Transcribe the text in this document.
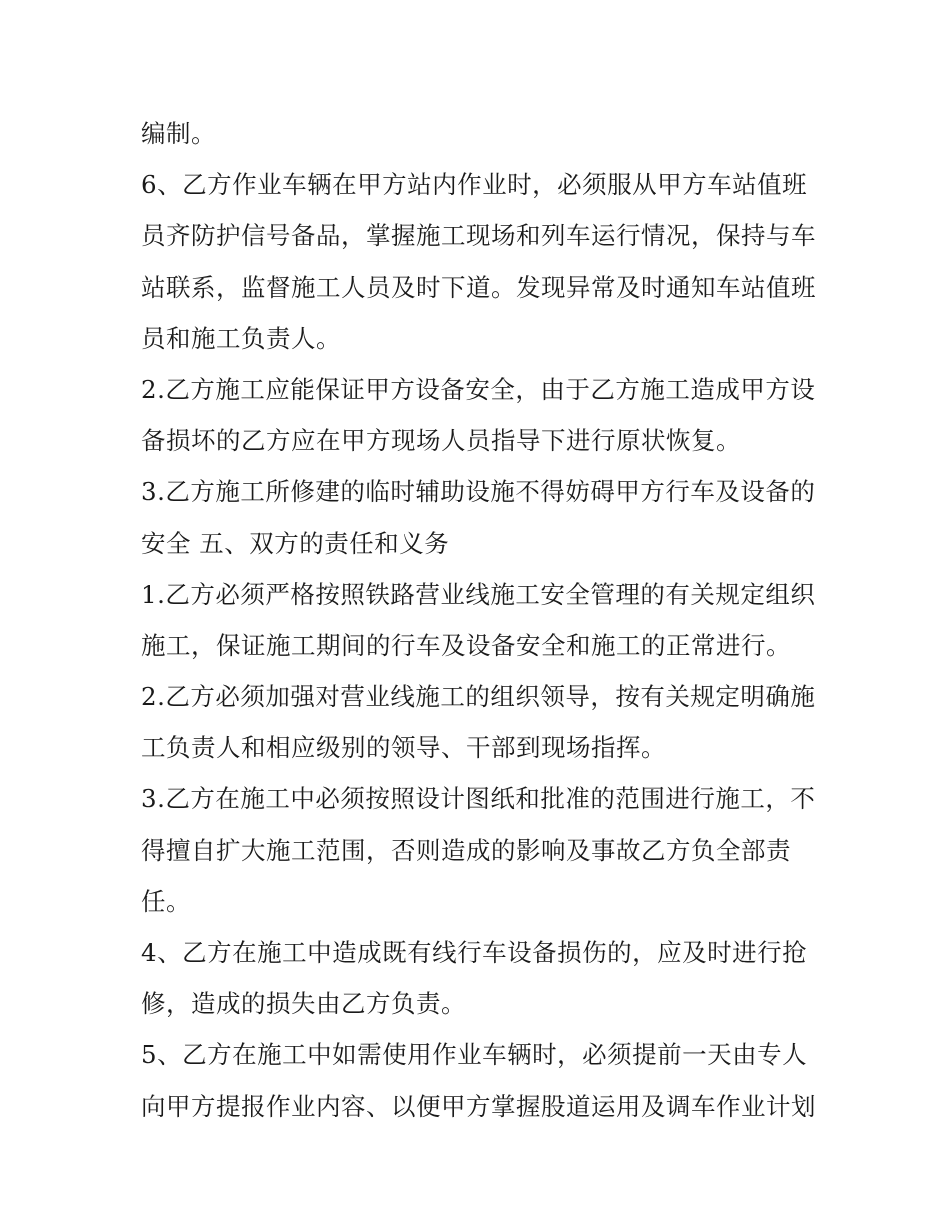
编制。
6、乙方作业车辆在甲方站内作业时，必须服从甲方车站值班
员齐防护信号备品，掌握施工现场和列车运行情况，保持与车
站联系，监督施工人员及时下道。发现异常及时通知车站值班
员和施工负责人。
2.乙方施工应能保证甲方设备安全，由于乙方施工造成甲方设
备损坏的乙方应在甲方现场人员指导下进行原状恢复。
3.乙方施工所修建的临时辅助设施不得妨碍甲方行车及设备的
安全 五、双方的责任和义务
1.乙方必须严格按照铁路营业线施工安全管理的有关规定组织
施工，保证施工期间的行车及设备安全和施工的正常进行。
2.乙方必须加强对营业线施工的组织领导，按有关规定明确施
工负责人和相应级别的领导、干部到现场指挥。
3.乙方在施工中必须按照设计图纸和批准的范围进行施工，不
得擅自扩大施工范围，否则造成的影响及事故乙方负全部责
任。
4、乙方在施工中造成既有线行车设备损伤的，应及时进行抢
修，造成的损失由乙方负责。
5、乙方在施工中如需使用作业车辆时，必须提前一天由专人
向甲方提报作业内容、以便甲方掌握股道运用及调车作业计划
